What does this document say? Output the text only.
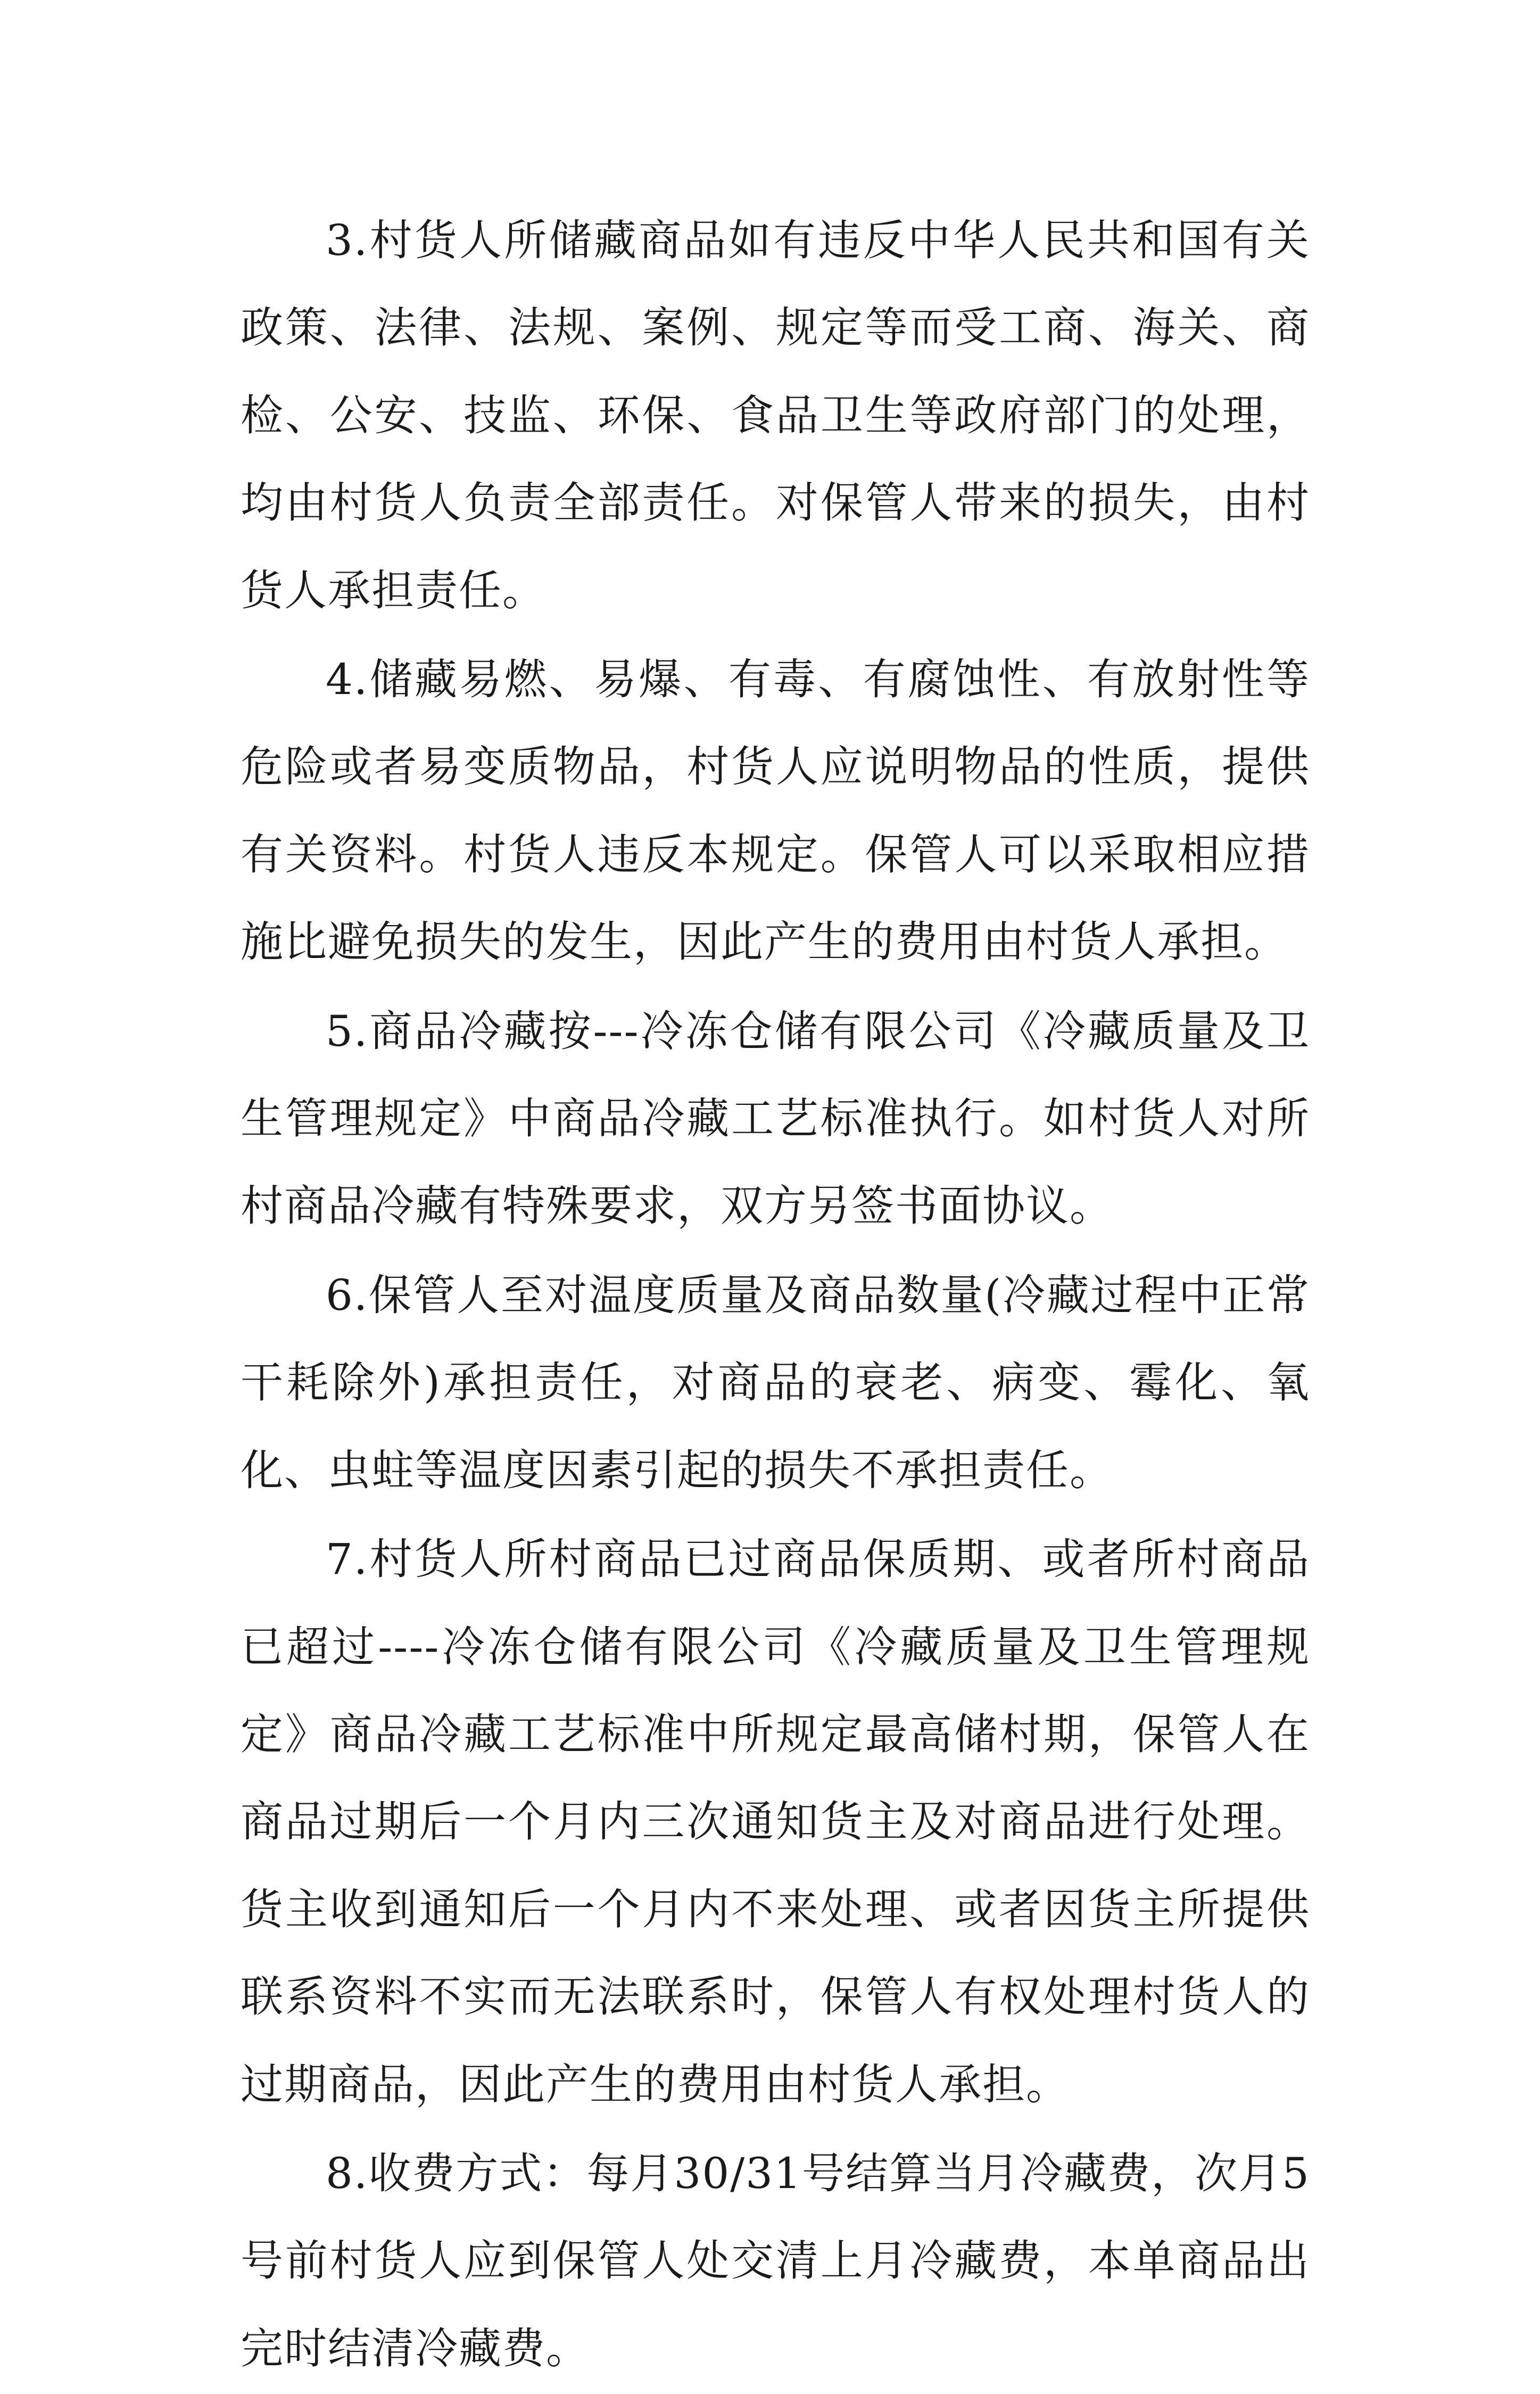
3.村货人所储藏商品如有违反中华人民共和国有关政策、法律、法规、案例、规定等而受工商、海关、商检、公安、技监、环保、食品卫生等政府部门的处理，均由村货人负责全部责任。对保管人带来的损失，由村货人承担责任。

4.储藏易燃、易爆、有毒、有腐蚀性、有放射性等危险或者易变质物品，村货人应说明物品的性质，提供有关资料。村货人违反本规定。保管人可以采取相应措施比避免损失的发生，因此产生的费用由村货人承担。

5.商品冷藏按---冷冻仓储有限公司《冷藏质量及卫生管理规定》中商品冷藏工艺标准执行。如村货人对所村商品冷藏有特殊要求，双方另签书面协议。

6.保管人至对温度质量及商品数量(冷藏过程中正常干耗除外)承担责任，对商品的衰老、病变、霉化、氧化、虫蛀等温度因素引起的损失不承担责任。

7.村货人所村商品已过商品保质期、或者所村商品已超过----冷冻仓储有限公司《冷藏质量及卫生管理规定》商品冷藏工艺标准中所规定最高储村期，保管人在商品过期后一个月内三次通知货主及对商品进行处理。货主收到通知后一个月内不来处理、或者因货主所提供联系资料不实而无法联系时，保管人有权处理村货人的过期商品，因此产生的费用由村货人承担。

8.收费方式：每月30/31号结算当月冷藏费，次月5号前村货人应到保管人处交清上月冷藏费，本单商品出完时结清冷藏费。
